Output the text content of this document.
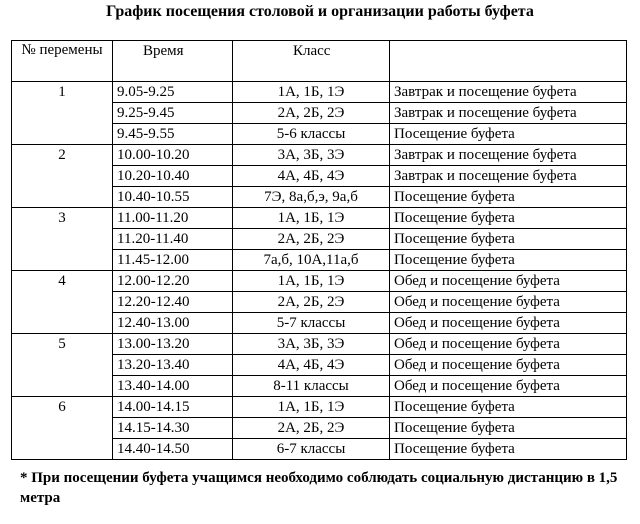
График посещения столовой и организации работы буфета
№ перемены	Время	Класс	
1	9.05-9.25	1А, 1Б, 1Э	Завтрак и посещение буфета
	9.25-9.45	2А, 2Б, 2Э	Завтрак и посещение буфета
	9.45-9.55	5-6 классы	Посещение буфета
2	10.00-10.20	3А, 3Б, 3Э	Завтрак и посещение буфета
	10.20-10.40	4А, 4Б, 4Э	Завтрак и посещение буфета
	10.40-10.55	7Э, 8а,б,э, 9а,б	Посещение буфета
3	11.00-11.20	1А, 1Б, 1Э	Посещение буфета
	11.20-11.40	2А, 2Б, 2Э	Посещение буфета
	11.45-12.00	7а,б, 10А,11а,б	Посещение буфета
4	12.00-12.20	1А, 1Б, 1Э	Обед и посещение буфета
	12.20-12.40	2А, 2Б, 2Э	Обед и посещение буфета
	12.40-13.00	5-7 классы	Обед и посещение буфета
5	13.00-13.20	3А, 3Б, 3Э	Обед и посещение буфета
	13.20-13.40	4А, 4Б, 4Э	Обед и посещение буфета
	13.40-14.00	8-11 классы	Обед и посещение буфета
6	14.00-14.15	1А, 1Б, 1Э	Посещение буфета
	14.15-14.30	2А, 2Б, 2Э	Посещение буфета
	14.40-14.50	6-7 классы	Посещение буфета
* При посещении буфета учащимся необходимо соблюдать социальную дистанцию в 1,5 метра
